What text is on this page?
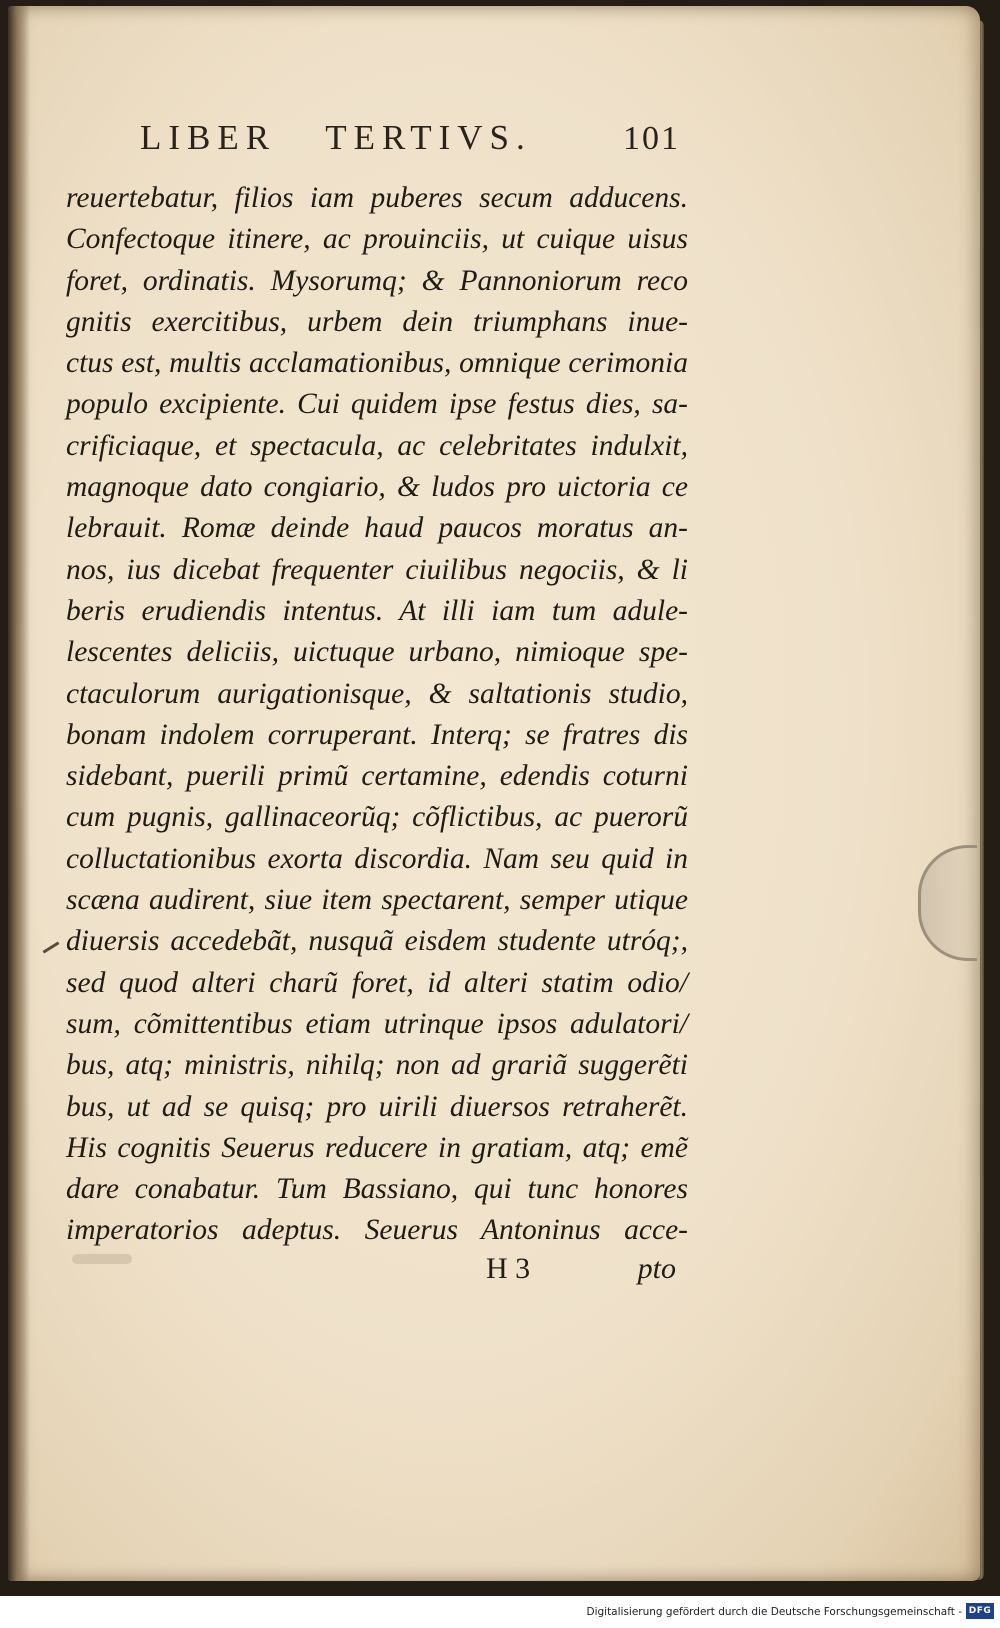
LIBER TERTIVS.	101
reuertebatur, filios iam puberes secum adducens.
Confectoque itinere, ac prouinciis, ut cuique uisus
foret, ordinatis. Mysorumq; & Pannoniorum reco
gnitis exercitibus, urbem dein triumphans inue-
ctus est, multis acclamationibus, omnique cerimonia
populo excipiente. Cui quidem ipse festus dies, sa-
crificiaque, et spectacula, ac celebritates indulxit,
magnoque dato congiario, & ludos pro uictoria ce
lebrauit. Romæ deinde haud paucos moratus an-
nos, ius dicebat frequenter ciuilibus negociis, & li
beris erudiendis intentus. At illi iam tum adule-
lescentes deliciis, uictuque urbano, nimioque spe-
ctaculorum aurigationisque, & saltationis studio,
bonam indolem corruperant. Interq; se fratres dis
sidebant, puerili primũ certamine, edendis coturni
cum pugnis, gallinaceorũq; cõflictibus, ac puerorũ
colluctationibus exorta discordia. Nam seu quid in
scæna audirent, siue item spectarent, semper utique
diuersis accedebãt, nusquã eisdem studente utróq;,
sed quod alteri charũ foret, id alteri statim odio/
sum, cõmittentibus etiam utrinque ipsos adulatori/
bus, atq; ministris, nihilq; non ad grariã suggerẽti
bus, ut ad se quisq; pro uirili diuersos retraherẽt.
His cognitis Seuerus reducere in gratiam, atq; emẽ
dare conabatur. Tum Bassiano, qui tunc honores
imperatorios adeptus. Seuerus Antoninus acce-
H 3	pto
Digitalisierung gefördert durch die Deutsche Forschungsgemeinschaft - DFG
